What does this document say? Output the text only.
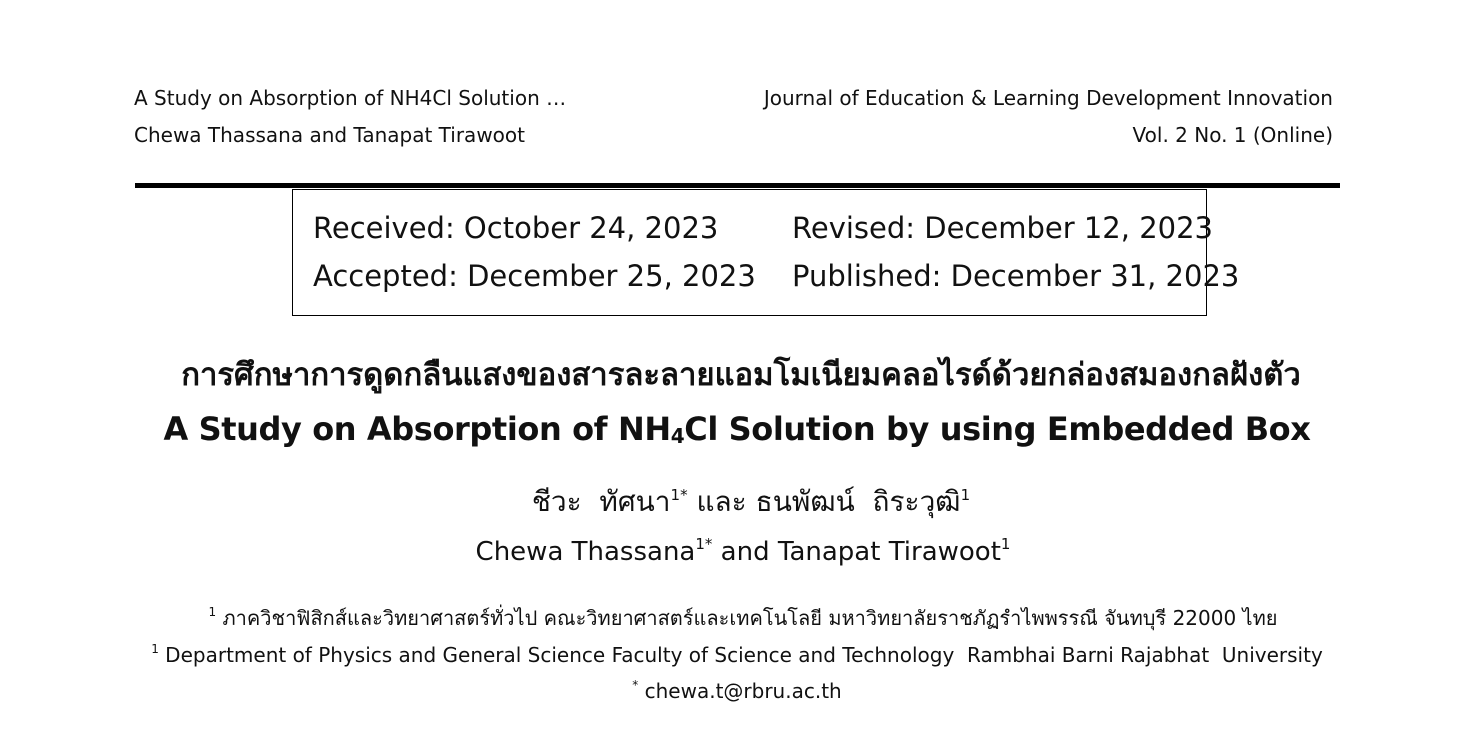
A Study on Absorption of NH4Cl Solution …
Chewa Thassana and Tanapat Tirawoot
Journal of Education & Learning Development Innovation
Vol. 2 No. 1 (Online)
Received: October 24, 2023	Revised: December 12, 2023
Accepted: December 25, 2023 Published: December 31, 2023
การศึกษาการดูดกลืนแสงของสารละลายแอมโมเนียมคลอไรด์ด้วยกล่องสมองกลฝังตัว
A Study on Absorption of $NH_4Cl$ Solution by using Embedded Box
ชีวะ  ทัศนา$^{1*}$ และ ธนพัฒน์  ถิระวุฒิ$^1$
Chewa Thassana$^{1*}$ and Tanapat Tirawoot$^1$
$^1$ ภาควิชาฟิสิกส์และวิทยาศาสตร์ทั่วไป คณะวิทยาศาสตร์และเทคโนโลยี มหาวิทยาลัยราชภัฏรำไพพรรณี จันทบุรี 22000 ไทย
$^1$ Department of Physics and General Science Faculty of Science and Technology  Rambhai Barni Rajabhat  University
* chewa.t@rbru.ac.th
